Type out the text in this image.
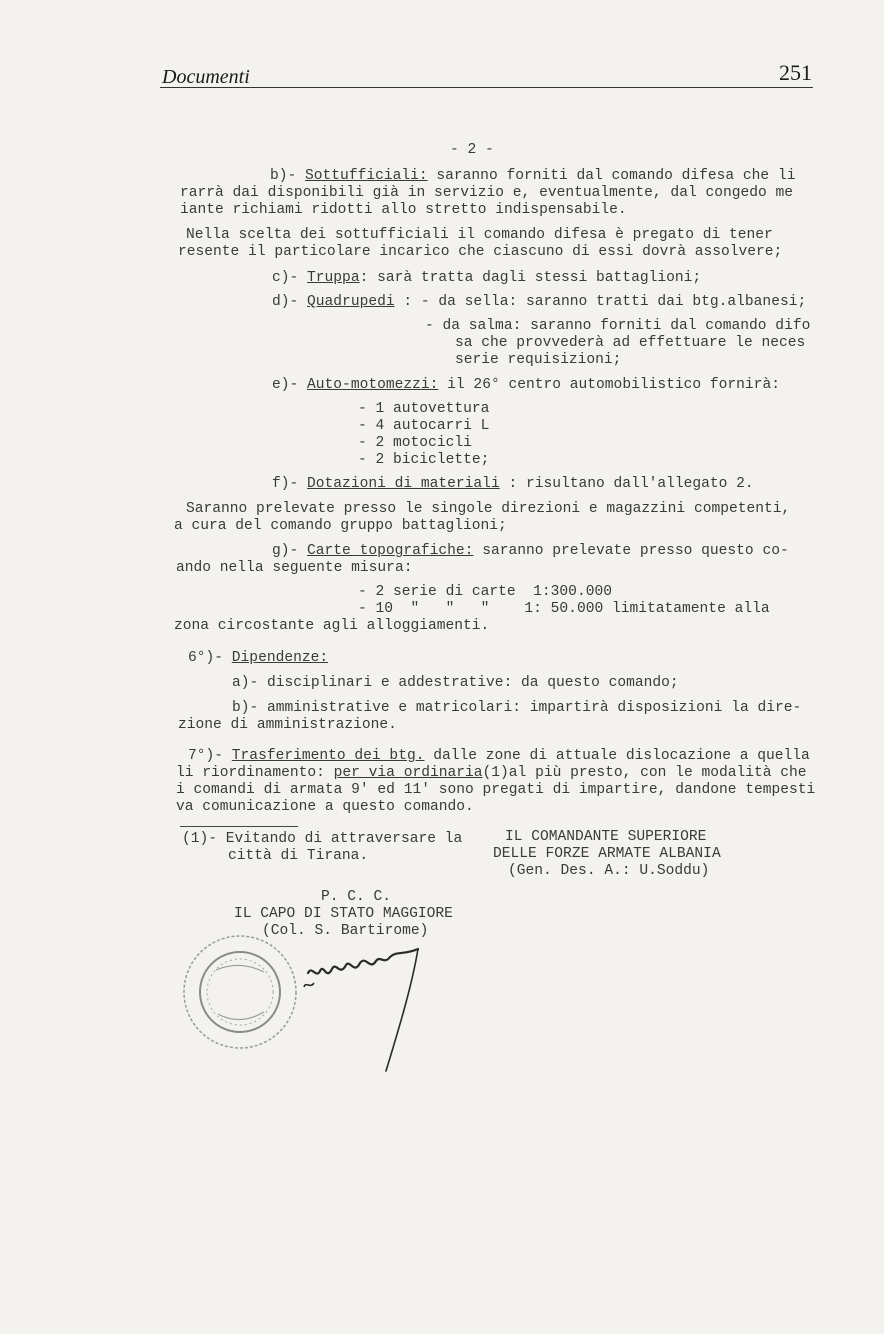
Documenti	251
- 2 -
b)- Sottufficiali: saranno forniti dal comando difesa che li
rarrà dai disponibili già in servizio e, eventualmente, dal congedo me
iante richiami ridotti allo stretto indispensabile.
Nella scelta dei sottufficiali il comando difesa è pregato di tener
resente il particolare incarico che ciascuno di essi dovrà assolvere;
c)- Truppa: sarà tratta dagli stessi battaglioni;
d)- Quadrupedi : - da sella: saranno tratti dai btg.albanesi;
- da salma: saranno forniti dal comando difo
sa che provvederà ad effettuare le neces
serie requisizioni;
e)- Auto-motomezzi: il 26° centro automobilistico fornirà:
- 1 autovettura
- 4 autocarri L
- 2 motocicli
- 2 biciclette;
f)- Dotazioni di materiali : risultano dall'allegato 2.
Saranno prelevate presso le singole direzioni e magazzini competenti,
a cura del comando gruppo battaglioni;
g)- Carte topografiche: saranno prelevate presso questo co-
ando nella seguente misura:
- 2 serie di carte  1:300.000
- 10  "   "   "    1: 50.000 limitatamente alla
zona circostante agli alloggiamenti.
6°)- Dipendenze:
a)- disciplinari e addestrative: da questo comando;
b)- amministrative e matricolari: impartirà disposizioni la dire-
zione di amministrazione.
7°)- Trasferimento dei btg. dalle zone di attuale dislocazione a quella
li riordinamento: per via ordinaria(1)al più presto, con le modalità che
i comandi di armata 9' ed 11' sono pregati di impartire, dandone tempesti
va comunicazione a questo comando.
(1)- Evitando di attraversare la
città di Tirana.
IL COMANDANTE SUPERIORE
DELLE FORZE ARMATE ALBANIA
(Gen. Des. A.: U.Soddu)
P. C. C.
IL CAPO DI STATO MAGGIORE
(Col. S. Bartirome)
